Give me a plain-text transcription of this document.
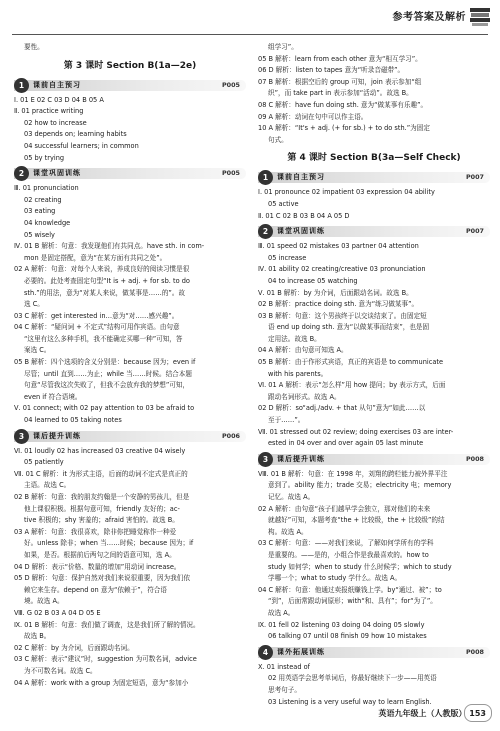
参考答案及解析
要性。
第 3 课时 Section B(1a—2e)
1	课前自主预习	P005
Ⅰ. 01 E 02 C 03 D 04 B 05 A
Ⅱ. 01 practice writing
02 how to increase
03 depends on; learning habits
04 successful learners; in common
05 by trying
2	课堂巩固训练	P005
Ⅲ. 01 pronunciation
02 creating
03 eating
04 knowledge
05 wisely
Ⅳ. 01 B 解析：句意：我发现他们有共同点。have sth. in com-
mon 是固定搭配，意为“在某方面有共同之处”。
02 A 解析：句意：对每个人来说，养成良好的阅读习惯是很
必要的。此处考查固定句型“It is + adj. + for sb. to do
sth.”的用法，意为“对某人来说，做某事是……的”。故
选 C。
03 C 解析：get interested in…意为“对……感兴趣”。
04 C 解析：“疑问词 + 不定式”结构可用作宾语。由句意
“这里有这么多种手机，我不能确定买哪一种”可知，答
案选 C。
05 B 解析：四个选项的含义分别是：because 因为；even if
尽管；until 直到……为止；while 当……时候。结合本题
句意“尽管我这次失败了，但我不会放弃我的梦想”可知，
even if 符合语境。
Ⅴ. 01 connect; with 02 pay attention to 03 be afraid to
04 learned to 05 taking notes
3	课后提升训练	P006
Ⅵ. 01 loudly 02 has increased 03 creative 04 wisely
05 patiently
Ⅶ. 01 C 解析：it 为形式主语，后面的动词不定式是真正的
主语。故选 C。
02 B 解析：句意：我的朋友约翰是一个安静的男孩儿，但是
他上课很积极。根据句意可知，friendly 友好的；ac-
tive 积极的；shy 害羞的；afraid 害怕的。故选 B。
03 A 解析：句意：我很喜欢，除非你把睡觉称作一种爱
好。unless 除非；when 当……时候；because 因为；if
如果，是否。根据前后两句之间的语意可知，选 A。
04 D 解析：表示“价格、数量的增加”用动词 increase。
05 D 解析：句意：保护自然对我们来说很重要，因为我们依
赖它来生存。depend on 意为“依赖于”，符合语
境。故选 A。
Ⅷ. G 02 B 03 A 04 D 05 E
Ⅸ. 01 B 解析：句意：我们做了调查，这是我们所了解的情况。
故选 B。
02 C 解析：by 为介词，后面跟动名词。
03 C 解析：表示“建议”时，suggestion 为可数名词，advice
为不可数名词。故选 C。
04 A 解析：work with a group 为固定短语，意为“参加小
组学习”。
05 B 解析：learn from each other 意为“相互学习”。
06 D 解析：listen to tapes 意为“听录音磁带”。
07 B 解析：根据空后的 group 可知，join 表示参加“组
织”，而 take part in 表示参加“活动”。故选 B。
08 C 解析：have fun doing sth. 意为“做某事有乐趣”。
09 A 解析：动词在句中可以作主语。
10 A 解析：“It's + adj. (+ for sb.) + to do sth.”为固定
句式。
第 4 课时 Section B(3a—Self Check)
1	课前自主预习	P007
Ⅰ. 01 pronounce 02 impatient 03 expression 04 ability
05 active
Ⅱ. 01 C 02 B 03 B 04 A 05 D
2	课堂巩固训练	P007
Ⅲ. 01 speed 02 mistakes 03 partner 04 attention
05 increase
Ⅳ. 01 ability 02 creating/creative 03 pronunciation
04 to increase 05 watching
Ⅴ. 01 B 解析：by 为介词，后面跟动名词。故选 B。
02 B 解析：practice doing sth. 意为“练习做某事”。
03 B 解析：句意：这个男孩终于以交谈结束了。由固定短
语 end up doing sth. 意为“以做某事而结束”，也是固
定用法。故选 B。
04 A 解析：由句意可知选 A。
05 B 解析：由于作形式宾语，真正的宾语是 to communicate
with his parents。
Ⅵ. 01 A 解析：表示“怎么样”用 how 提问；by 表示方式，后面
跟动名词形式。故选 A。
02 D 解析：so“adj./adv. + that 从句”意为“如此……以
至于……”。
Ⅶ. 01 stressed out 02 review; doing exercises 03 are inter-
ested in 04 over and over again 05 last minute
3	课后提升训练	P008
Ⅷ. 01 B 解析：句意：在 1998 年，刘翔的跨栏能力被外界平注
意到了。ability 能力；trade 交易；electricity 电；memory
记忆。故选 A。
02 A 解析：由句意“孩子们越早学会独立，那对他们的未来
就越好”可知，本题考查“the + 比较级，the + 比较级”的结
构。故选 A。
03 C 解析：句意：——对我们来说，了解如何学所有的学科
是重要的。——是的，小组合作是我最喜欢的。how to
study 如何学；when to study 什么时候学；which to study
学哪一个；what to study 学什么。故选 A。
04 C 解析：句意：他通过卖报纸赚钱上学。by“通过、被”；to
“到”，后面常跟动词原形；with“和、具有”；for“为了”。
故选 A。
Ⅸ. 01 fell 02 listening 03 doing 04 doing 05 slowly
06 talking 07 until 08 finish 09 how 10 mistakes
4	课外拓展训练	P008
Ⅹ. 01 instead of
02 用英语学会思考单词后，你最好继续下一步——用英语
思考句子。
03 Listening is a very useful way to learn English.
英语九年级上（人教版） 153
